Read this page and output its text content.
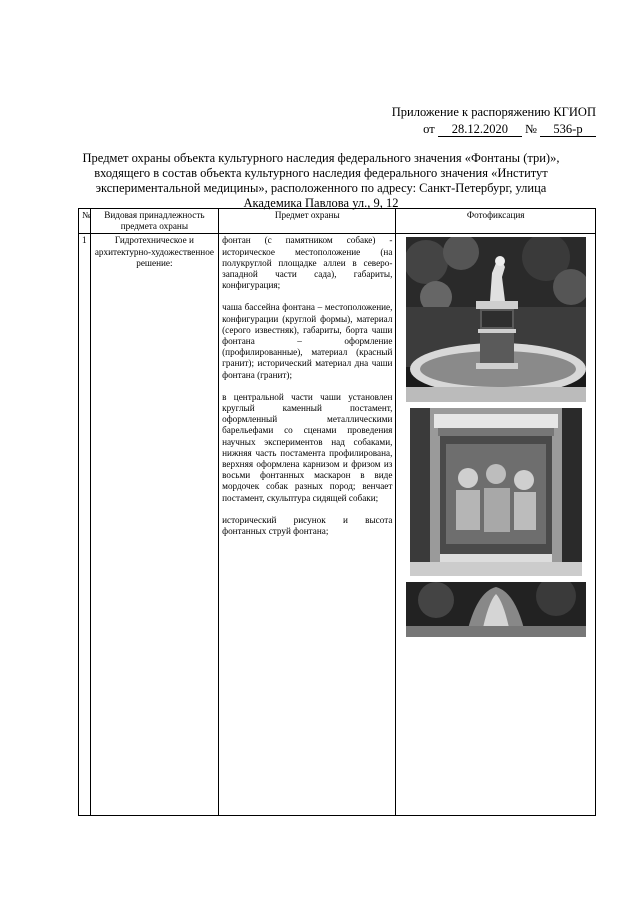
Приложение к распоряжению КГИОП
от 28.12.2020 № 536-р
Предмет охраны объекта культурного наследия федерального значения «Фонтаны (три)», входящего в состав объекта культурного наследия федерального значения «Институт экспериментальной медицины», расположенного по адресу: Санкт-Петербург, улица Академика Павлова ул., 9, 12
№	Видовая принадлежность предмета охраны	Предмет охраны	Фотофиксация
1	Гидротехническое и архитектурно-художественное решение:	фонтан (с памятником собаке) - историческое местоположение (на полукруглой площадке аллеи в северо-западной части сада), габариты, конфигурация;
чаша бассейна фонтана – местоположение, конфигурации (круглой формы), материал (серого известняк), габариты, борта чаши фонтана – оформление (профилированные), материал (красный гранит); исторический материал дна чаши фонтана (гранит);
в центральной части чаши установлен круглый каменный постамент, оформленный металлическими барельефами со сценами проведения научных экспериментов над собаками, нижняя часть постамента профилирована, верхняя оформлена карнизом и фризом из восьми фонтанных маскарон в виде мордочек собак разных пород; венчает постамент, скульптура сидящей собаки;
исторический рисунок и высота фонтанных струй фонтана;
